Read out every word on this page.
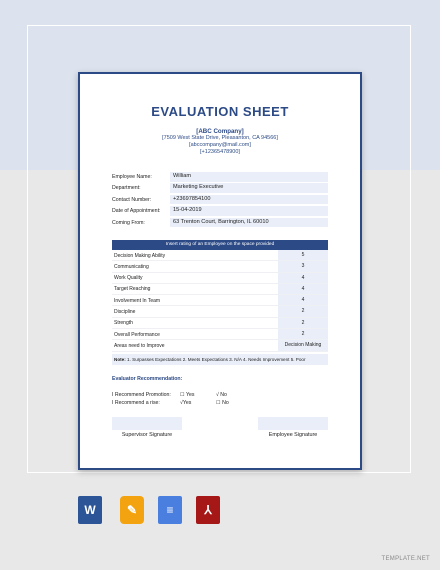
EVALUATION SHEET
[ABC Company]
[7509 West State Drive, Pleasanton, CA 94566]
[abccompany@mail.com]
[+12365478900]
Employee Name:	William
Department:	Marketing Executive
Contact Number:	+23697854100
Date of Appointment:	15-04-2019
Coming From:	63 Trenton Court, Barrington, IL 60010
Insert rating of an Employee on the space provided
Decision Making Ability	5
Communicating	3
Work Quality	4
Target Reaching	4
Involvement In Team	4
Discipline	2
Strength	2
Overall Performance	2
Areas need to Improve	Decision Making
Note: 1. Surpasses Expectations 2. Meets Expectations 3. N/A 4. Needs Improvement 5. Poor
Evaluator Recommendation:
I Recommend Promotion: ☐ Yes	√ No
I Recommend a rise:	√Yes	☐ No
Supervisor Signature	Employee Signature
W	✎	≡	⅄
TEMPLATE.NET
